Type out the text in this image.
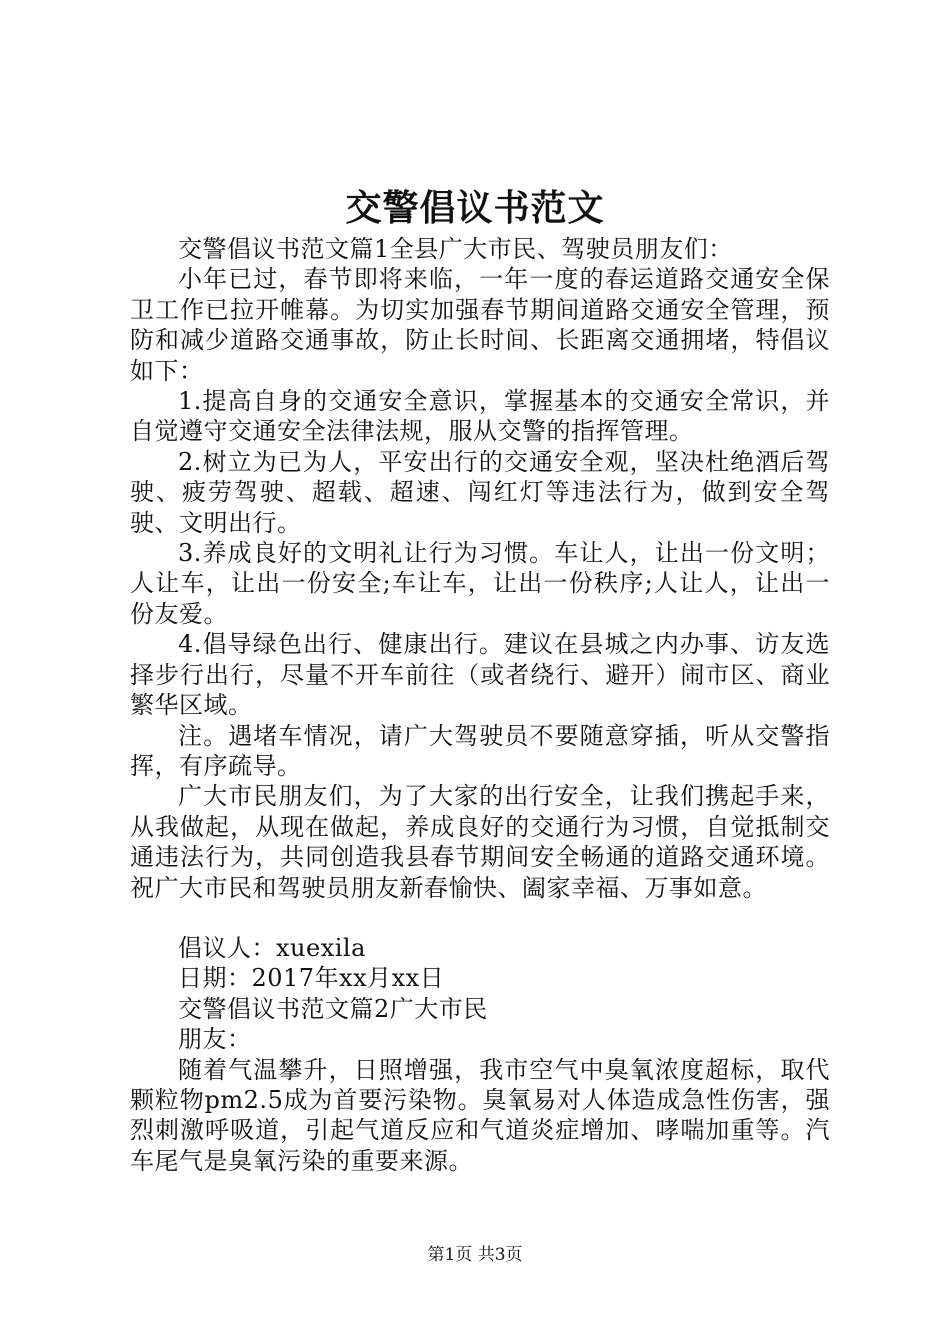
交警倡议书范文

交警倡议书范文篇1全县广大市民、驾驶员朋友们：

小年已过，春节即将来临，一年一度的春运道路交通安全保卫工作已拉开帷幕。为切实加强春节期间道路交通安全管理，预防和减少道路交通事故，防止长时间、长距离交通拥堵，特倡议如下：

1.提高自身的交通安全意识，掌握基本的交通安全常识，并自觉遵守交通安全法律法规，服从交警的指挥管理。

2.树立为已为人，平安出行的交通安全观，坚决杜绝酒后驾驶、疲劳驾驶、超载、超速、闯红灯等违法行为，做到安全驾驶、文明出行。

3.养成良好的文明礼让行为习惯。车让人，让出一份文明；人让车，让出一份安全;车让车，让出一份秩序;人让人，让出一份友爱。

4.倡导绿色出行、健康出行。建议在县城之内办事、访友选择步行出行，尽量不开车前往（或者绕行、避开）闹市区、商业繁华区域。

注。遇堵车情况，请广大驾驶员不要随意穿插，听从交警指挥，有序疏导。

广大市民朋友们，为了大家的出行安全，让我们携起手来，从我做起，从现在做起，养成良好的交通行为习惯，自觉抵制交通违法行为，共同创造我县春节期间安全畅通的道路交通环境。祝广大市民和驾驶员朋友新春愉快、阖家幸福、万事如意。

倡议人：xuexila

日期：2017年xx月xx日

交警倡议书范文篇2广大市民

朋友：

随着气温攀升，日照增强，我市空气中臭氧浓度超标，取代颗粒物pm2.5成为首要污染物。臭氧易对人体造成急性伤害，强烈刺激呼吸道，引起气道反应和气道炎症增加、哮喘加重等。汽车尾气是臭氧污染的重要来源。

第1页 共3页
